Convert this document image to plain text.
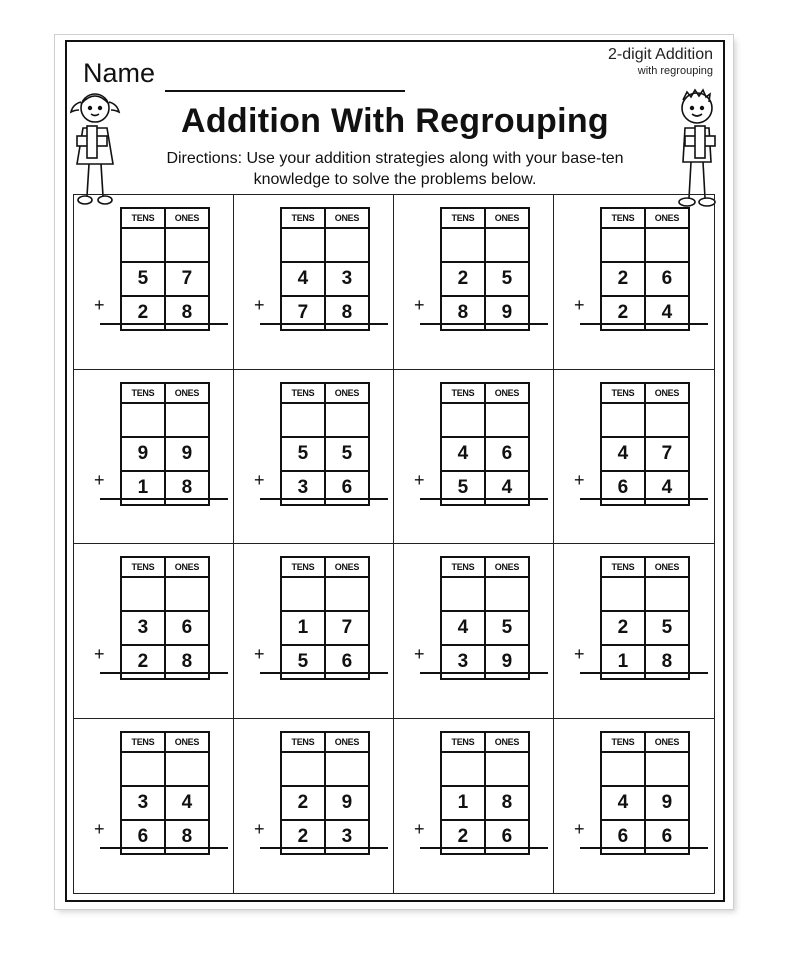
2-digit Addition
with regrouping
Name
Addition With Regrouping
Directions: Use your addition strategies along with your base-ten
knowledge to solve the problems below.
TENS	ONES

5	7
2	8
+
TENS	ONES

4	3
7	8
+
TENS	ONES

2	5
8	9
+
TENS	ONES

2	6
2	4
+
TENS	ONES

9	9
1	8
+
TENS	ONES

5	5
3	6
+
TENS	ONES

4	6
5	4
+
TENS	ONES

4	7
6	4
+
TENS	ONES

3	6
2	8
+
TENS	ONES

1	7
5	6
+
TENS	ONES

4	5
3	9
+
TENS	ONES

2	5
1	8
+
TENS	ONES

3	4
6	8
+
TENS	ONES

2	9
2	3
+
TENS	ONES

1	8
2	6
+
TENS	ONES

4	9
6	6
+
